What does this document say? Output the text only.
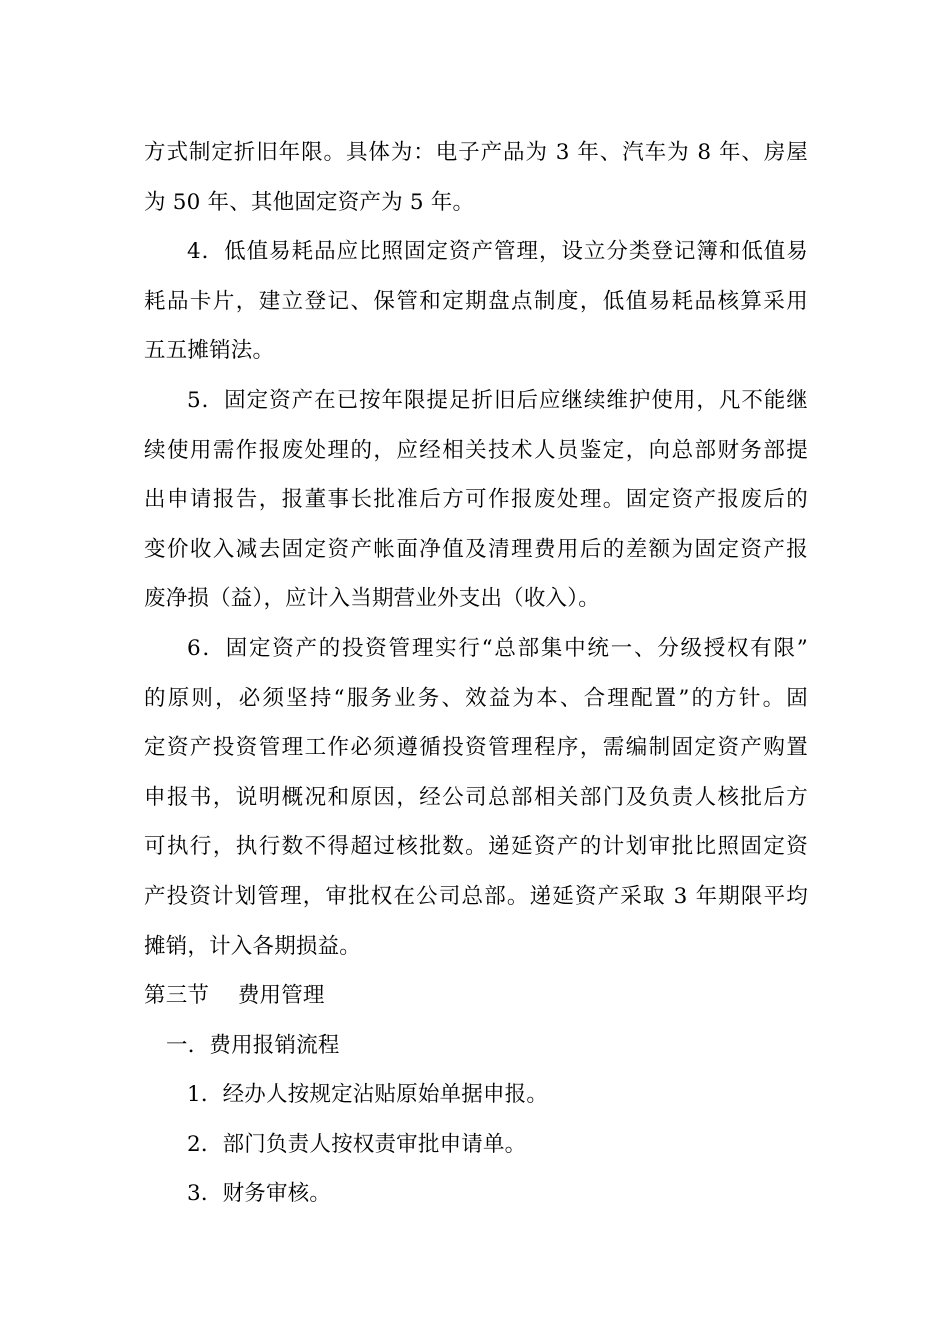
方式制定折旧年限。具体为：电子产品为 3 年、汽车为 8 年、房屋
为 50 年、其他固定资产为 5 年。
4．低值易耗品应比照固定资产管理，设立分类登记簿和低值易
耗品卡片，建立登记、保管和定期盘点制度，低值易耗品核算采用
五五摊销法。
5．固定资产在已按年限提足折旧后应继续维护使用，凡不能继
续使用需作报废处理的，应经相关技术人员鉴定，向总部财务部提
出申请报告，报董事长批准后方可作报废处理。固定资产报废后的
变价收入减去固定资产帐面净值及清理费用后的差额为固定资产报
废净损（益），应计入当期营业外支出（收入）。
6．固定资产的投资管理实行“总部集中统一、分级授权有限”
的原则，必须坚持“服务业务、效益为本、合理配置”的方针。固
定资产投资管理工作必须遵循投资管理程序，需编制固定资产购置
申报书，说明概况和原因，经公司总部相关部门及负责人核批后方
可执行，执行数不得超过核批数。递延资产的计划审批比照固定资
产投资计划管理，审批权在公司总部。递延资产采取 3 年期限平均
摊销，计入各期损益。
第三节　 费用管理
一．费用报销流程
1．经办人按规定沾贴原始单据申报。
2．部门负责人按权责审批申请单。
3．财务审核。
